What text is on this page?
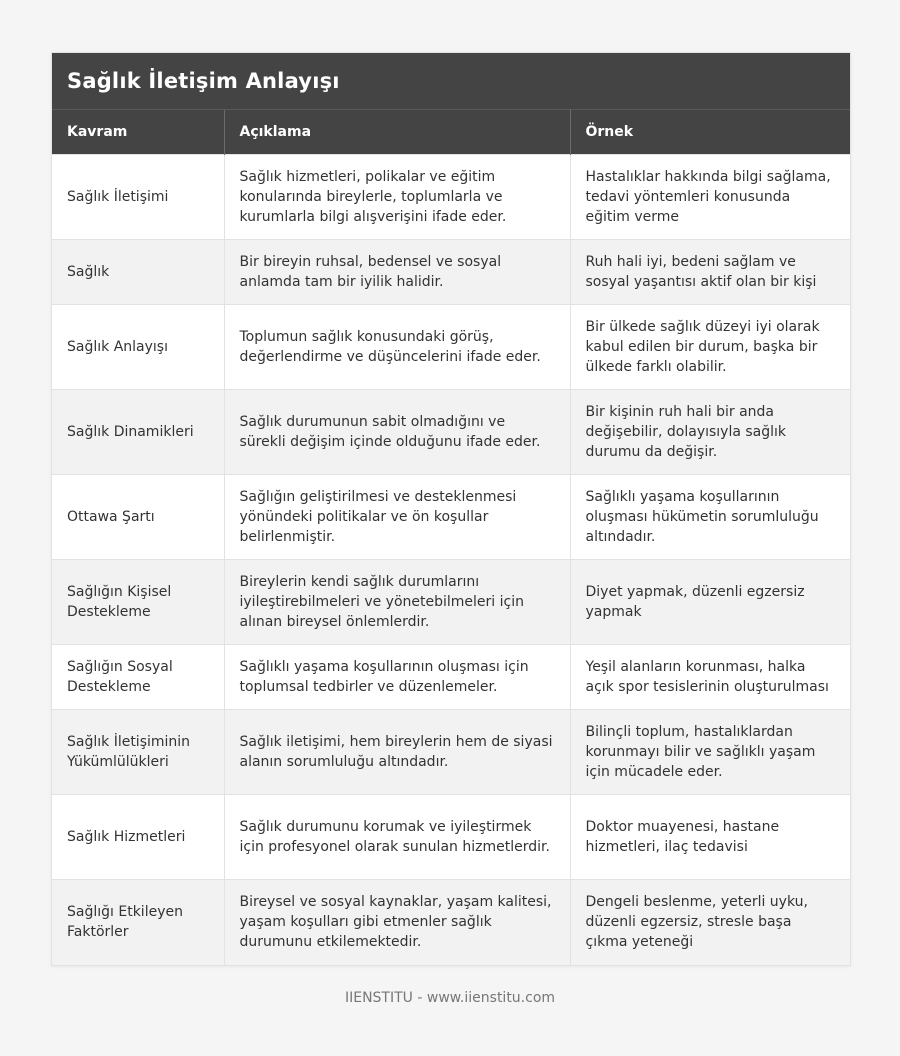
Sağlık İletişim Anlayışı
Kavram	Açıklama	Örnek
Sağlık İletişimi	Sağlık hizmetleri, polikalar ve eğitim konularında bireylerle, toplumlarla ve kurumlarla bilgi alışverişini ifade eder.	Hastalıklar hakkında bilgi sağlama, tedavi yöntemleri konusunda eğitim verme
Sağlık	Bir bireyin ruhsal, bedensel ve sosyal anlamda tam bir iyilik halidir.	Ruh hali iyi, bedeni sağlam ve sosyal yaşantısı aktif olan bir kişi
Sağlık Anlayışı	Toplumun sağlık konusundaki görüş, değerlendirme ve düşüncelerini ifade eder.	Bir ülkede sağlık düzeyi iyi olarak kabul edilen bir durum, başka bir ülkede farklı olabilir.
Sağlık Dinamikleri	Sağlık durumunun sabit olmadığını ve sürekli değişim içinde olduğunu ifade eder.	Bir kişinin ruh hali bir anda değişebilir, dolayısıyla sağlık durumu da değişir.
Ottawa Şartı	Sağlığın geliştirilmesi ve desteklenmesi yönündeki politikalar ve ön koşullar belirlenmiştir.	Sağlıklı yaşama koşullarının oluşması hükümetin sorumluluğu altındadır.
Sağlığın Kişisel Destekleme	Bireylerin kendi sağlık durumlarını iyileştirebilmeleri ve yönetebilmeleri için alınan bireysel önlemlerdir.	Diyet yapmak, düzenli egzersiz yapmak
Sağlığın Sosyal Destekleme	Sağlıklı yaşama koşullarının oluşması için toplumsal tedbirler ve düzenlemeler.	Yeşil alanların korunması, halka açık spor tesislerinin oluşturulması
Sağlık İletişiminin Yükümlülükleri	Sağlık iletişimi, hem bireylerin hem de siyasi alanın sorumluluğu altındadır.	Bilinçli toplum, hastalıklardan korunmayı bilir ve sağlıklı yaşam için mücadele eder.
Sağlık Hizmetleri	Sağlık durumunu korumak ve iyileştirmek için profesyonel olarak sunulan hizmetlerdir.	Doktor muayenesi, hastane hizmetleri, ilaç tedavisi
Sağlığı Etkileyen Faktörler	Bireysel ve sosyal kaynaklar, yaşam kalitesi, yaşam koşulları gibi etmenler sağlık durumunu etkilemektedir.	Dengeli beslenme, yeterli uyku, düzenli egzersiz, stresle başa çıkma yeteneği
IIENSTITU - www.iienstitu.com
